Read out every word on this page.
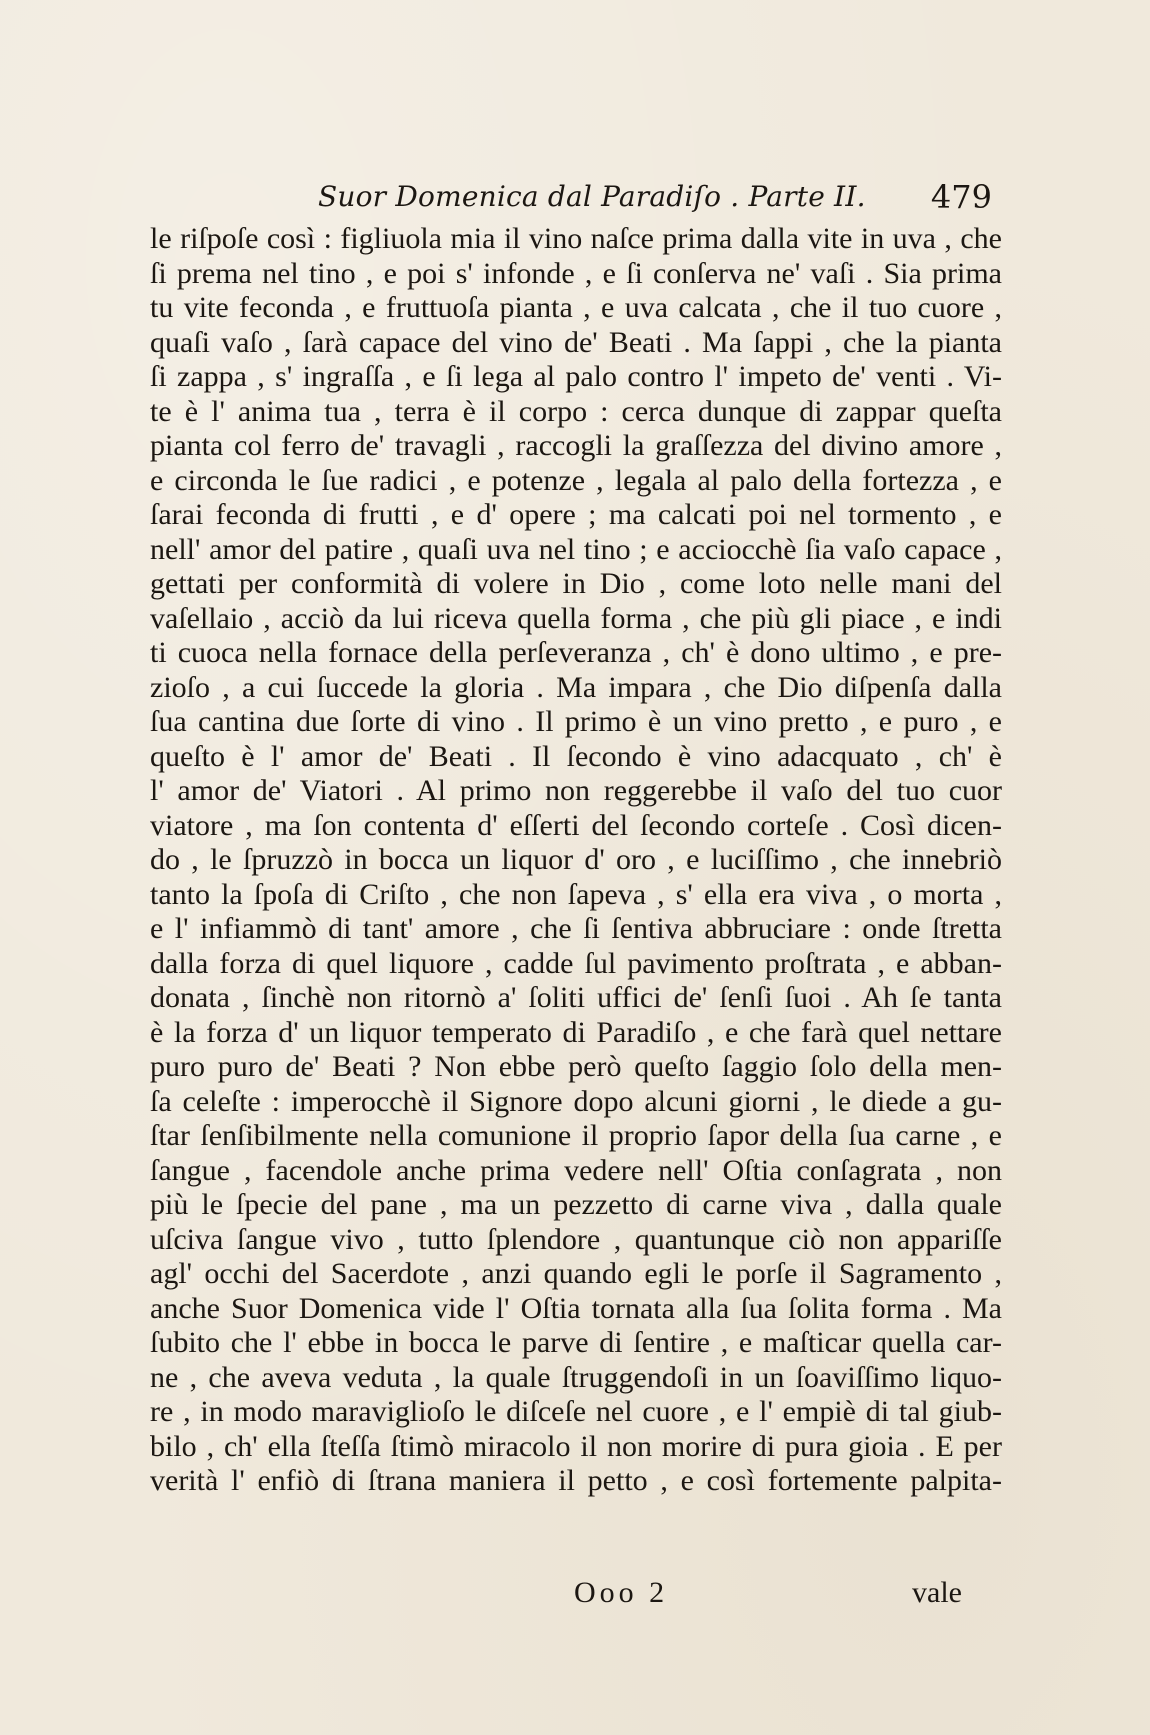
Suor Domenica dal Paradiſo . Parte II. 479
le riſpoſe così : figliuola mia il vino naſce prima dalla vite in uva , che
ſi prema nel tino , e poi s' infonde , e ſi conſerva ne' vaſi . Sia prima
tu vite feconda , e fruttuoſa pianta , e uva calcata , che il tuo cuore ,
quaſi vaſo , ſarà capace del vino de' Beati . Ma ſappi , che la pianta
ſi zappa , s' ingraſſa , e ſi lega al palo contro l' impeto de' venti . Vi-
te è l' anima tua , terra è il corpo : cerca dunque di zappar queſta
pianta col ferro de' travagli , raccogli la graſſezza del divino amore ,
e circonda le ſue radici , e potenze , legala al palo della fortezza , e
ſarai feconda di frutti , e d' opere ; ma calcati poi nel tormento , e
nell' amor del patire , quaſi uva nel tino ; e acciocchè ſia vaſo capace ,
gettati per conformità di volere in Dio , come loto nelle mani del
vaſellaio , acciò da lui riceva quella forma , che più gli piace , e indi
ti cuoca nella fornace della perſeveranza , ch' è dono ultimo , e pre-
zioſo , a cui ſuccede la gloria . Ma impara , che Dio diſpenſa dalla
ſua cantina due ſorte di vino . Il primo è un vino pretto , e puro , e
queſto è l' amor de' Beati . Il ſecondo è vino adacquato , ch' è
l' amor de' Viatori . Al primo non reggerebbe il vaſo del tuo cuor
viatore , ma ſon contenta d' eſſerti del ſecondo corteſe . Così dicen-
do , le ſpruzzò in bocca un liquor d' oro , e luciſſimo , che innebriò
tanto la ſpoſa di Criſto , che non ſapeva , s' ella era viva , o morta ,
e l' infiammò di tant' amore , che ſi ſentiva abbruciare : onde ſtretta
dalla forza di quel liquore , cadde ſul pavimento proſtrata , e abban-
donata , ſinchè non ritornò a' ſoliti uffici de' ſenſi ſuoi . Ah ſe tanta
è la forza d' un liquor temperato di Paradiſo , e che farà quel nettare
puro puro de' Beati ? Non ebbe però queſto ſaggio ſolo della men-
ſa celeſte : imperocchè il Signore dopo alcuni giorni , le diede a gu-
ſtar ſenſibilmente nella comunione il proprio ſapor della ſua carne , e
ſangue , facendole anche prima vedere nell' Oſtia conſagrata , non
più le ſpecie del pane , ma un pezzetto di carne viva , dalla quale
uſciva ſangue vivo , tutto ſplendore , quantunque ciò non appariſſe
agl' occhi del Sacerdote , anzi quando egli le porſe il Sagramento ,
anche Suor Domenica vide l' Oſtia tornata alla ſua ſolita forma . Ma
ſubito che l' ebbe in bocca le parve di ſentire , e maſticar quella car-
ne , che aveva veduta , la quale ſtruggendoſi in un ſoaviſſimo liquo-
re , in modo maraviglioſo le diſceſe nel cuore , e l' empiè di tal giub-
bilo , ch' ella ſteſſa ſtimò miracolo il non morire di pura gioia . E per
verità l' enfiò di ſtrana maniera il petto , e così fortemente palpita-
Ooo 2	vale
